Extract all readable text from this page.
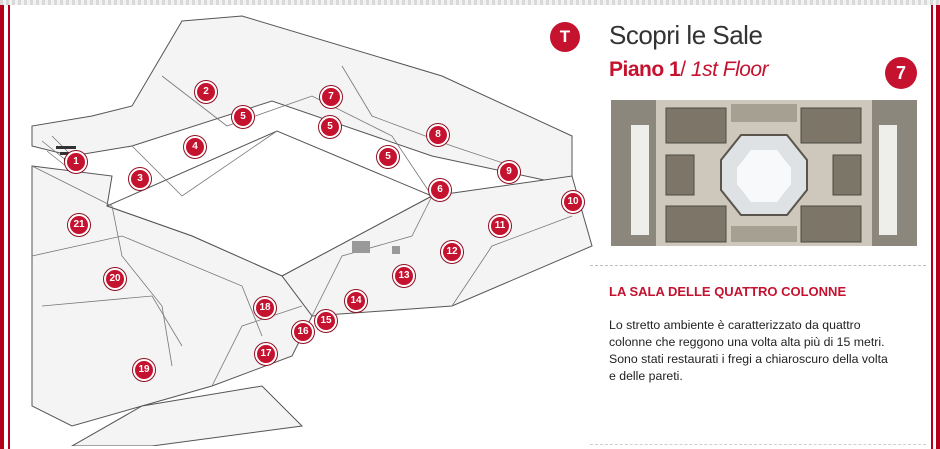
1
2
3
4
5
5
5
6
7
8
9
10
11
12
13
14
15
16
17
18
19
20
21
T	Scopri le Sale
Piano 1/ 1st Floor	7
LA SALA DELLE QUATTRO COLONNE
Lo stretto ambiente è caratterizzato da quattro
colonne che reggono una volta alta più di 15 metri.
Sono stati restaurati i fregi a chiaroscuro della volta
e delle pareti.
